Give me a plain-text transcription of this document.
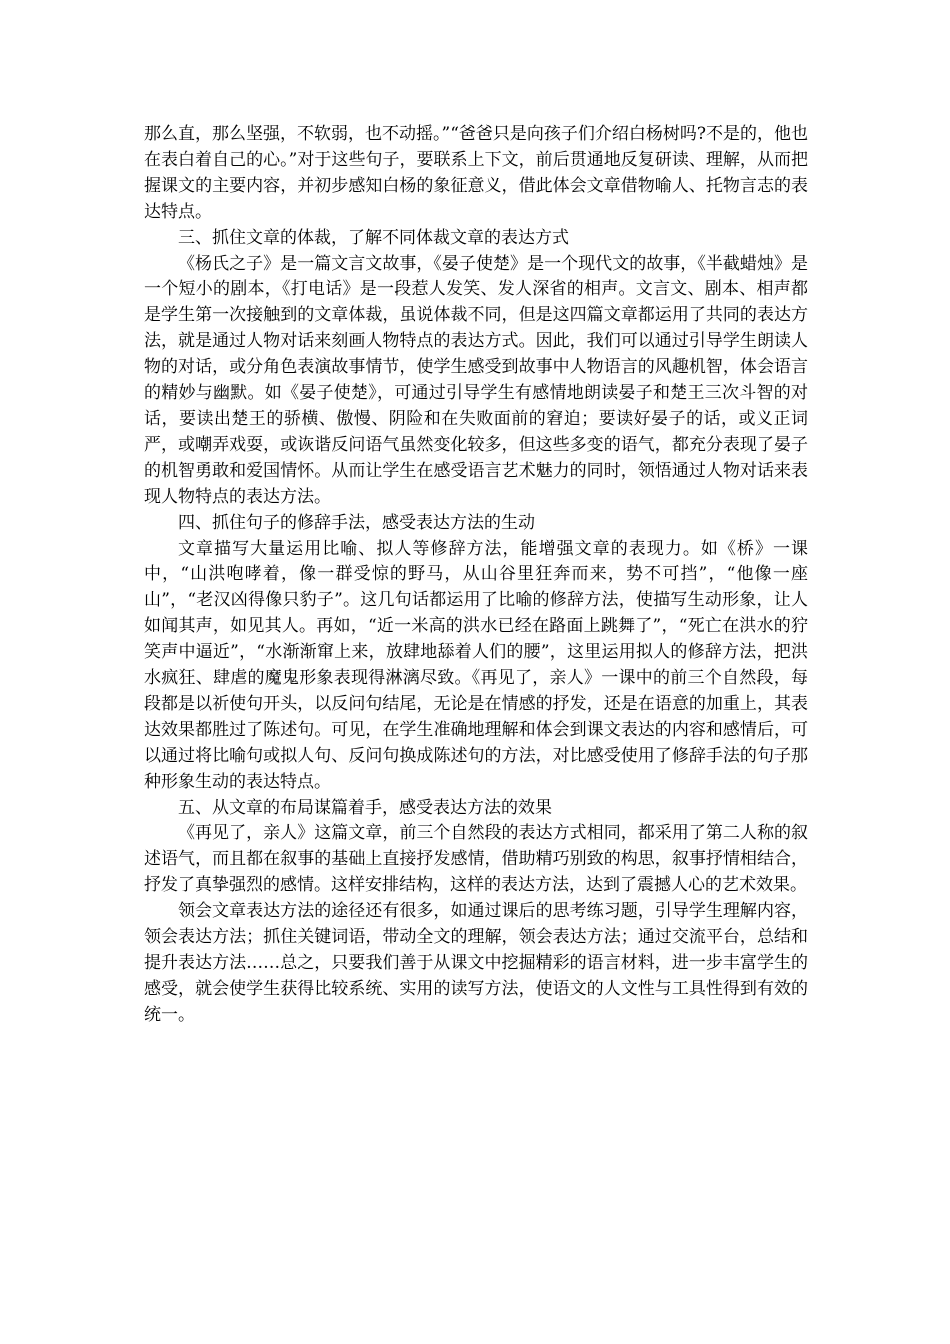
那么直，那么坚强，不软弱，也不动摇。”“爸爸只是向孩子们介绍白杨树吗?不是的，他也在表白着自己的心。”对于这些句子，要联系上下文，前后贯通地反复研读、理解，从而把握课文的主要内容，并初步感知白杨的象征意义，借此体会文章借物喻人、托物言志的表达特点。

三、抓住文章的体裁，了解不同体裁文章的表达方式

《杨氏之子》是一篇文言文故事，《晏子使楚》是一个现代文的故事，《半截蜡烛》是一个短小的剧本，《打电话》是一段惹人发笑、发人深省的相声。文言文、剧本、相声都是学生第一次接触到的文章体裁，虽说体裁不同，但是这四篇文章都运用了共同的表达方法，就是通过人物对话来刻画人物特点的表达方式。因此，我们可以通过引导学生朗读人物的对话，或分角色表演故事情节，使学生感受到故事中人物语言的风趣机智，体会语言的精妙与幽默。如《晏子使楚》，可通过引导学生有感情地朗读晏子和楚王三次斗智的对话，要读出楚王的骄横、傲慢、阴险和在失败面前的窘迫；要读好晏子的话，或义正词严，或嘲弄戏耍，或诙谐反问语气虽然变化较多，但这些多变的语气，都充分表现了晏子的机智勇敢和爱国情怀。从而让学生在感受语言艺术魅力的同时，领悟通过人物对话来表现人物特点的表达方法。

四、抓住句子的修辞手法，感受表达方法的生动

文章描写大量运用比喻、拟人等修辞方法，能增强文章的表现力。如《桥》一课中，“山洪咆哮着，像一群受惊的野马，从山谷里狂奔而来，势不可挡”，“他像一座山”，“老汉凶得像只豹子”。这几句话都运用了比喻的修辞方法，使描写生动形象，让人如闻其声，如见其人。再如，“近一米高的洪水已经在路面上跳舞了”，“死亡在洪水的狞笑声中逼近”，“水渐渐窜上来，放肆地舔着人们的腰”，这里运用拟人的修辞方法，把洪水疯狂、肆虐的魔鬼形象表现得淋漓尽致。《再见了，亲人》一课中的前三个自然段，每段都是以祈使句开头，以反问句结尾，无论是在情感的抒发，还是在语意的加重上，其表达效果都胜过了陈述句。可见，在学生准确地理解和体会到课文表达的内容和感情后，可以通过将比喻句或拟人句、反问句换成陈述句的方法，对比感受使用了修辞手法的句子那种形象生动的表达特点。

五、从文章的布局谋篇着手，感受表达方法的效果

《再见了，亲人》这篇文章，前三个自然段的表达方式相同，都采用了第二人称的叙述语气，而且都在叙事的基础上直接抒发感情，借助精巧别致的构思，叙事抒情相结合，抒发了真挚强烈的感情。这样安排结构，这样的表达方法，达到了震撼人心的艺术效果。

领会文章表达方法的途径还有很多，如通过课后的思考练习题，引导学生理解内容，领会表达方法；抓住关键词语，带动全文的理解，领会表达方法；通过交流平台，总结和提升表达方法……总之，只要我们善于从课文中挖掘精彩的语言材料，进一步丰富学生的感受，就会使学生获得比较系统、实用的读写方法，使语文的人文性与工具性得到有效的统一。
